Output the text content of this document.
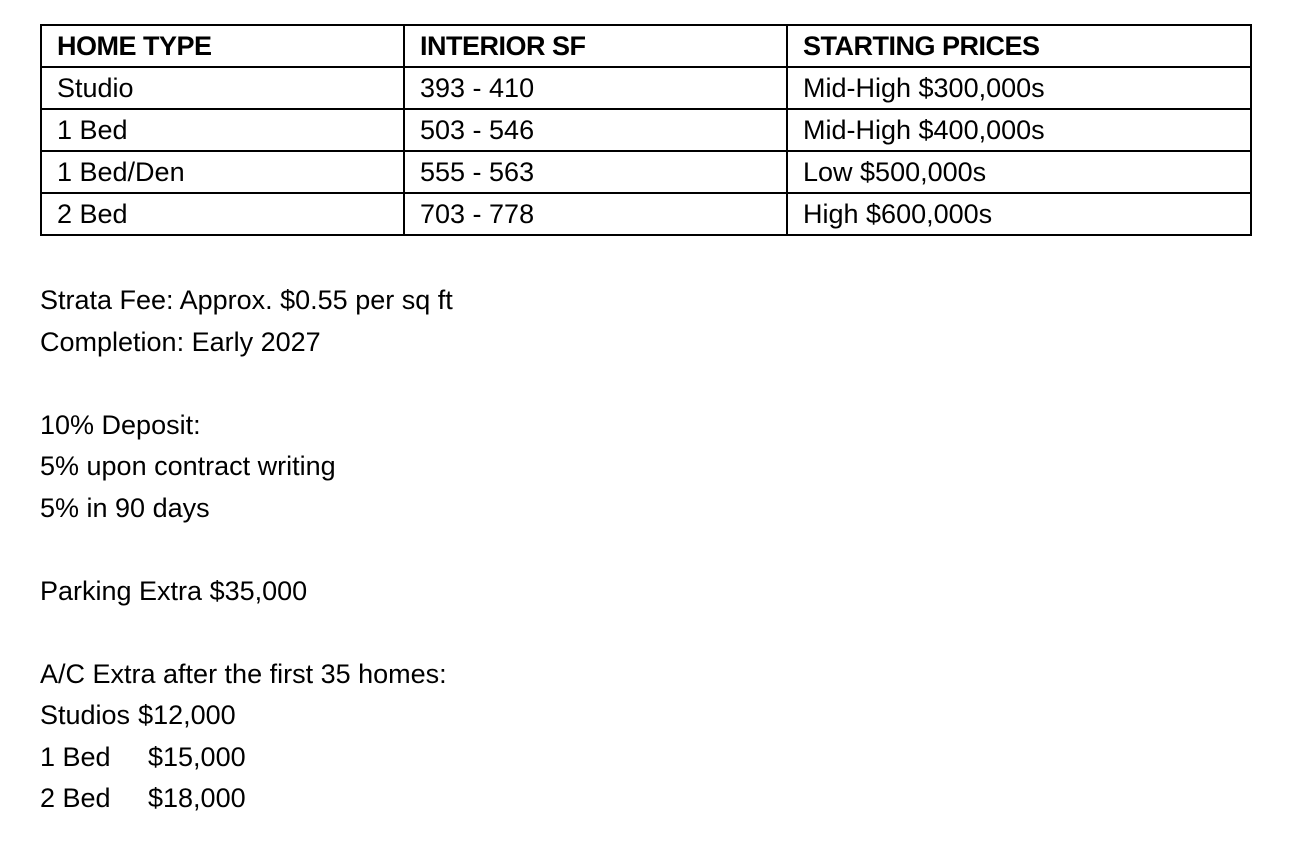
HOME TYPE	INTERIOR SF	STARTING PRICES
Studio	393 - 410	Mid-High $300,000s
1 Bed	503 - 546	Mid-High $400,000s
1 Bed/Den	555 - 563	Low $500,000s
2 Bed	703 - 778	High $600,000s
Strata Fee: Approx. $0.55 per sq ft
Completion: Early 2027
10% Deposit:
5% upon contract writing
5% in 90 days
Parking Extra $35,000
A/C Extra after the first 35 homes:
Studios $12,000
1 Bed $15,000
2 Bed $18,000
